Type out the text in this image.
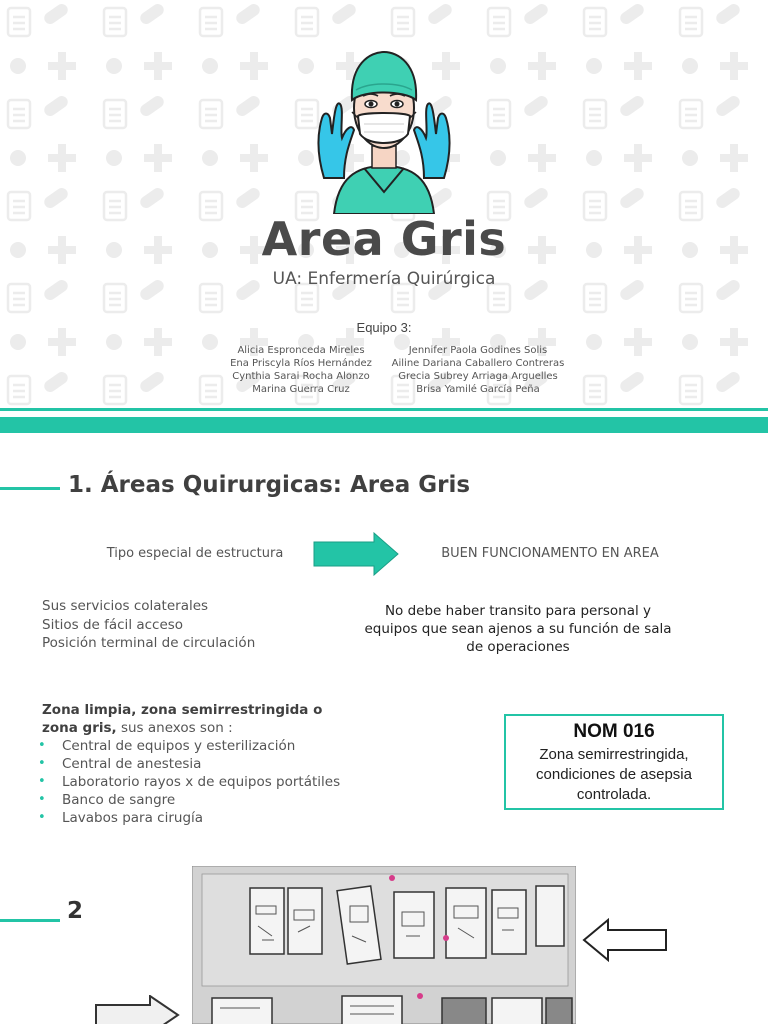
Area Gris
UA: Enfermería Quirúrgica
Equipo 3:
Alicia Espronceda Mireles
Ena Priscyla Ríos Hernández
Cynthia Sarai Rocha Alonzo
Marina Guerra Cruz
Jennifer Paola Godines Solis
Ailine Dariana Caballero Contreras
Grecia Subrey Arriaga Arguelles
Brisa Yamilé García Peña
1. Áreas Quirurgicas: Area Gris
Tipo especial de estructura	BUEN FUNCIONAMENTO EN AREA
Sus servicios colaterales
Sitios de fácil acceso
Posición terminal de circulación
No debe haber transito para personal y equipos que sean ajenos a su función de sala de operaciones
Zona limpia, zona semirrestringida o zona gris, sus anexos son :
• Central de equipos y esterilización
• Central de anestesia
• Laboratorio rayos x de equipos portátiles
• Banco de sangre
• Lavabos para cirugía
NOM 016
Zona semirrestringida, condiciones de asepsia controlada.
2
